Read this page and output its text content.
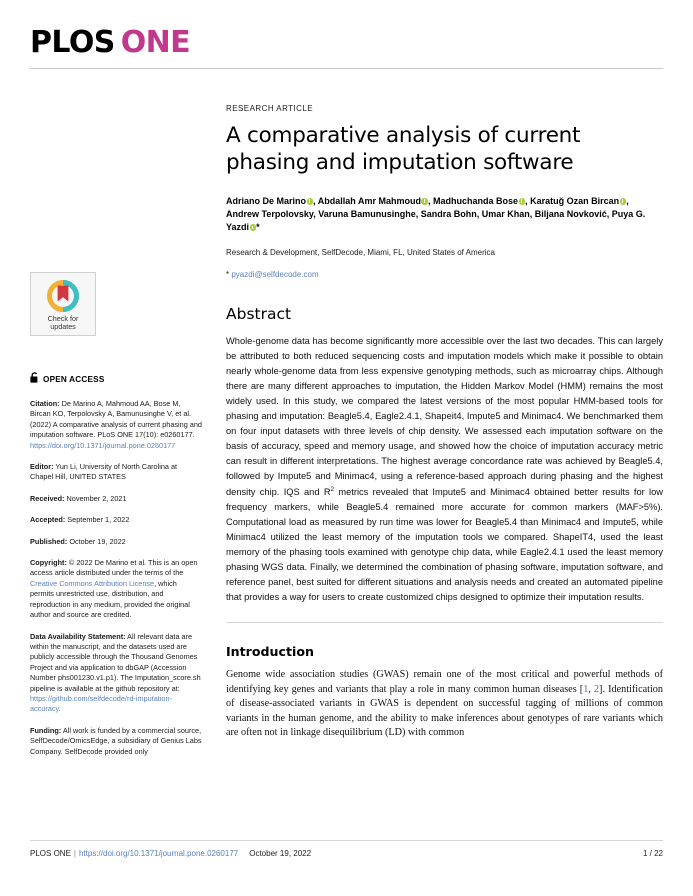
PLOS ONE
Check for
updates
OPEN ACCESS
Citation: De Marino A, Mahmoud AA, Bose M, Bircan KO, Terpolovsky A, Bamunusinghe V, et al. (2022) A comparative analysis of current phasing and imputation software. PLoS ONE 17(10): e0260177. https://doi.org/10.1371/journal.pone.0260177
Editor: Yun Li, University of North Carolina at Chapel Hill, UNITED STATES
Received: November 2, 2021
Accepted: September 1, 2022
Published: October 19, 2022
Copyright: © 2022 De Marino et al. This is an open access article distributed under the terms of the Creative Commons Attribution License, which permits unrestricted use, distribution, and reproduction in any medium, provided the original author and source are credited.
Data Availability Statement: All relevant data are within the manuscript, and the datasets used are publicly accessible through the Thousand Genomes Project and via application to dbGAP (Accession Number phs001230.v1.p1). The Imputation_score.sh pipeline is available at the github repository at: https://github.com/selfdecode/rd-imputation-accuracy.
Funding: All work is funded by a commercial source, SelfDecode/OmicsEdge, a subsidiary of Genius Labs Company. SelfDecode provided only
RESEARCH ARTICLE
A comparative analysis of current phasing and imputation software
Adriano De Marino , Abdallah Amr Mahmoud , Madhuchanda Bose , Karatuğ Ozan Bircan , Andrew Terpolovsky, Varuna Bamunusinghe, Sandra Bohn, Umar Khan, Biljana Novković, Puya G. Yazdi *
Research & Development, SelfDecode, Miami, FL, United States of America
* pyazdi@selfdecode.com
Abstract
Whole-genome data has become significantly more accessible over the last two decades. This can largely be attributed to both reduced sequencing costs and imputation models which make it possible to obtain nearly whole-genome data from less expensive genotyping methods, such as microarray chips. Although there are many different approaches to imputation, the Hidden Markov Model (HMM) remains the most widely used. In this study, we compared the latest versions of the most popular HMM-based tools for phasing and imputation: Beagle5.4, Eagle2.4.1, Shapeit4, Impute5 and Minimac4. We benchmarked them on four input datasets with three levels of chip density. We assessed each imputation software on the basis of accuracy, speed and memory usage, and showed how the choice of imputation accuracy metric can result in different interpretations. The highest average concordance rate was achieved by Beagle5.4, followed by Impute5 and Minimac4, using a reference-based approach during phasing and the highest density chip. IQS and $R^2$ metrics revealed that Impute5 and Minimac4 obtained better results for low frequency markers, while Beagle5.4 remained more accurate for common markers (MAF>5%). Computational load as measured by run time was lower for Beagle5.4 than Minimac4 and Impute5, while Minimac4 utilized the least memory of the imputation tools we compared. ShapeIT4, used the least memory of the phasing tools examined with genotype chip data, while Eagle2.4.1 used the least memory phasing WGS data. Finally, we determined the combination of phasing software, imputation software, and reference panel, best suited for different situations and analysis needs and created an automated pipeline that provides a way for users to create customized chips designed to optimize their imputation results.
Introduction
Genome wide association studies (GWAS) remain one of the most critical and powerful methods of identifying key genes and variants that play a role in many common human diseases [1, 2]. Identification of disease-associated variants in GWAS is dependent on successful tagging of millions of common variants in the human genome, and the ability to make inferences about genotypes of rare variants which are often not in linkage disequilibrium (LD) with common
PLOS ONE | https://doi.org/10.1371/journal.pone.0260177 October 19, 2022	1 / 22
